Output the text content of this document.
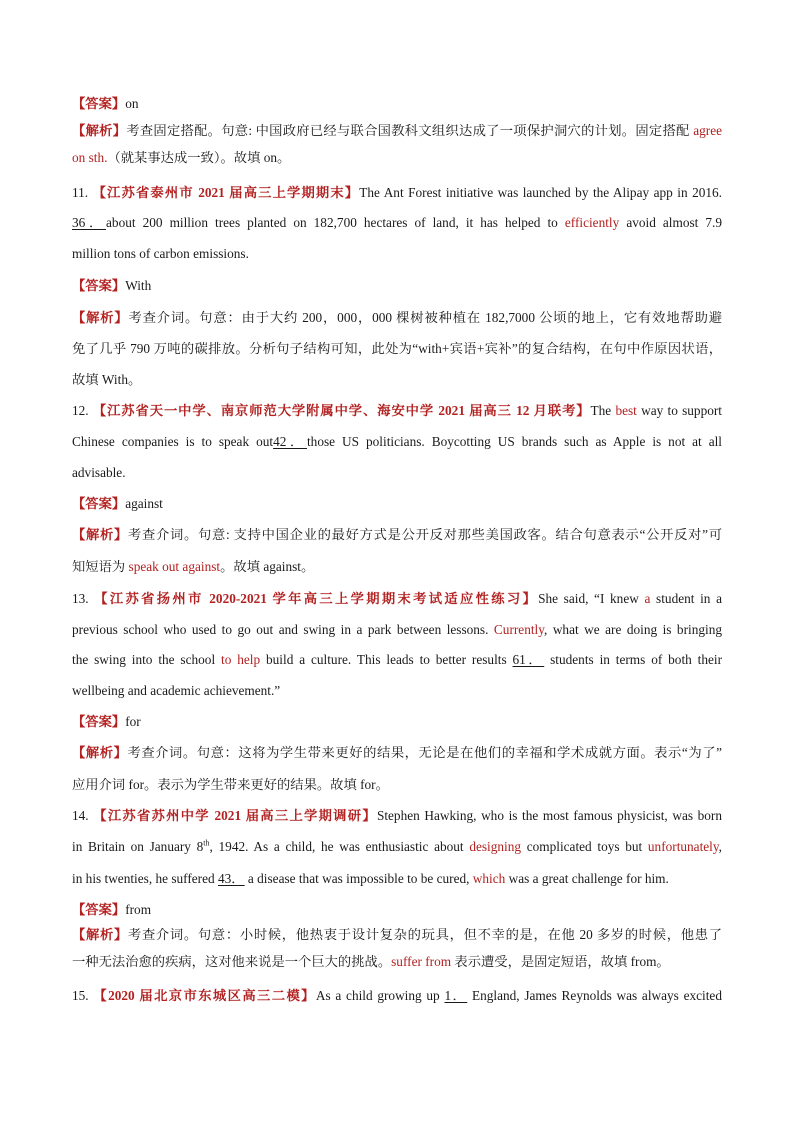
【答案】on
【解析】考查固定搭配。句意: 中国政府已经与联合国教科文组织达成了一项保护洞穴的计划。固定搭配 agree
on sth.（就某事达成一致）。故填 on。
11. 【江苏省泰州市 2021 届高三上学期期末】The Ant Forest initiative was launched by the Alipay app in 2016.
36．about 200 million trees planted on 182,700 hectares of land, it has helped to efficiently avoid almost 7.9
million tons of carbon emissions.
【答案】With
【解析】考查介词。句意：由于大约 200，000，000 棵树被种植在 182,7000 公顷的地上，它有效地帮助避
免了几乎 790 万吨的碳排放。分析句子结构可知，此处为“with+宾语+宾补”的复合结构，在句中作原因状语，
故填 With。
12. 【江苏省天一中学、南京师范大学附属中学、海安中学 2021 届高三 12 月联考】The best way to support
Chinese companies is to speak out42．those US politicians. Boycotting US brands such as Apple is not at all
advisable.
【答案】against
【解析】考查介词。句意: 支持中国企业的最好方式是公开反对那些美国政客。结合句意表示“公开反对”可
知短语为 speak out against。故填 against。
13. 【江苏省扬州市 2020-2021 学年高三上学期期末考试适应性练习】She said, “I knew a student in a
previous school who used to go out and swing in a park between lessons. Currently, what we are doing is bringing
the swing into the school to help build a culture. This leads to better results 61． students in terms of both their
wellbeing and academic achievement.”
【答案】for
【解析】考查介词。句意：这将为学生带来更好的结果，无论是在他们的幸福和学术成就方面。表示“为了”
应用介词 for。表示为学生带来更好的结果。故填 for。
14. 【江苏省苏州中学 2021 届高三上学期调研】Stephen Hawking, who is the most famous physicist, was born
in Britain on January 8th, 1942. As a child, he was enthusiastic about designing complicated toys but unfortunately,
in his twenties, he suffered 43． a disease that was impossible to be cured, which was a great challenge for him.
【答案】from
【解析】考查介词。句意：小时候，他热衷于设计复杂的玩具，但不幸的是，在他 20 多岁的时候，他患了
一种无法治愈的疾病，这对他来说是一个巨大的挑战。suffer from 表示遭受，是固定短语，故填 from。
15. 【2020 届北京市东城区高三二模】As a child growing up 1． England, James Reynolds was always excited
